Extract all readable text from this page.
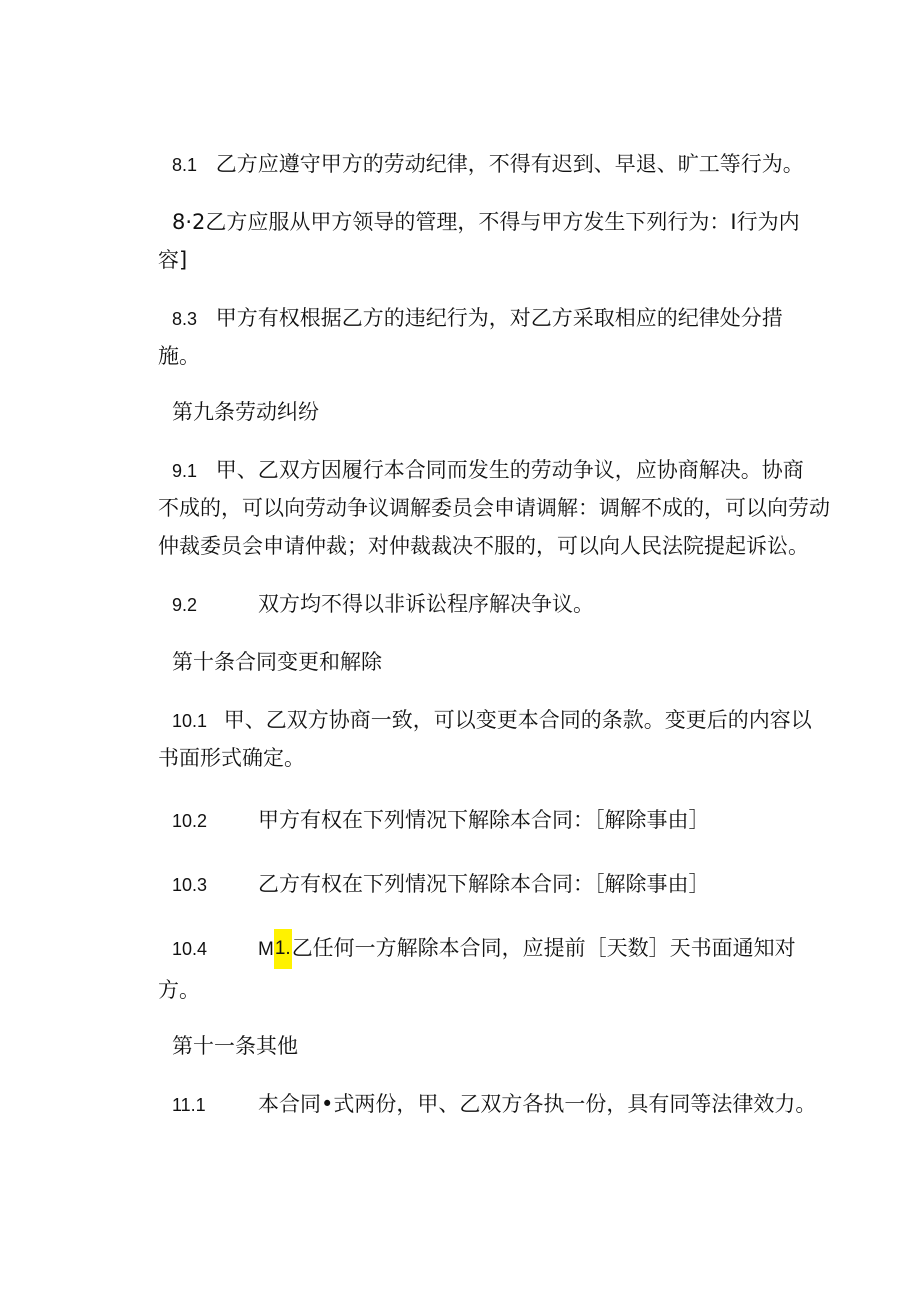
8.1 乙方应遵守甲方的劳动纪律，不得有迟到、早退、旷工等行为。
8·2乙方应服从甲方领导的管理，不得与甲方发生下列行为：I行为内
容]
8.3 甲方有权根据乙方的违纪行为，对乙方采取相应的纪律处分措
施。
第九条劳动纠纷
9.1 甲、乙双方因履行本合同而发生的劳动争议，应协商解决。协商
不成的，可以向劳动争议调解委员会申请调解：调解不成的，可以向劳动
仲裁委员会申请仲裁；对仲裁裁决不服的，可以向人民法院提起诉讼。
9.2	双方均不得以非诉讼程序解决争议。
第十条合同变更和解除
10.1 甲、乙双方协商一致，可以变更本合同的条款。变更后的内容以
书面形式确定。
10.2 甲方有权在下列情况下解除本合同：［解除事由］
10.3 乙方有权在下列情况下解除本合同：［解除事由］
10.4	M1.乙任何一方解除本合同，应提前［天数］天书面通知对
方。
第十一条其他
11.1 本合同•式两份，甲、乙双方各执一份，具有同等法律效力。
